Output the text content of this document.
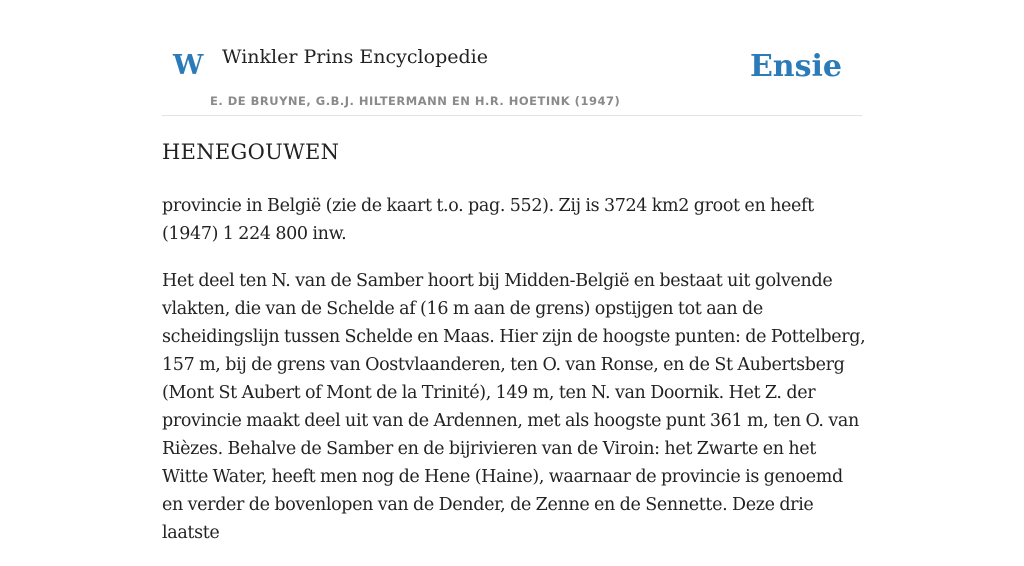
W Winkler Prins Encyclopedie
E. DE BRUYNE, G.B.J. HILTERMANN EN H.R. HOETINK (1947)
Ensie
HENEGOUWEN

provincie in België (zie de kaart t.o. pag. 552). Zij is 3724 km2 groot en heeft (1947) 1 224 800 inw.

Het deel ten N. van de Samber hoort bij Midden-België en bestaat uit golvende vlakten, die van de Schelde af (16 m aan de grens) opstijgen tot aan de scheidingslijn tussen Schelde en Maas. Hier zijn de hoogste punten: de Pottelberg, 157 m, bij de grens van Oostvlaanderen, ten O. van Ronse, en de St Aubertsberg (Mont St Aubert of Mont de la Trinité), 149 m, ten N. van Doornik. Het Z. der provincie maakt deel uit van de Ardennen, met als hoogste punt 361 m, ten O. van Rièzes. Behalve de Samber en de bijrivieren van de Viroin: het Zwarte en het Witte Water, heeft men nog de Hene (Haine), waarnaar de provincie is genoemd en verder de bovenlopen van de Dender, de Zenne en de Sennette. Deze drie laatste
